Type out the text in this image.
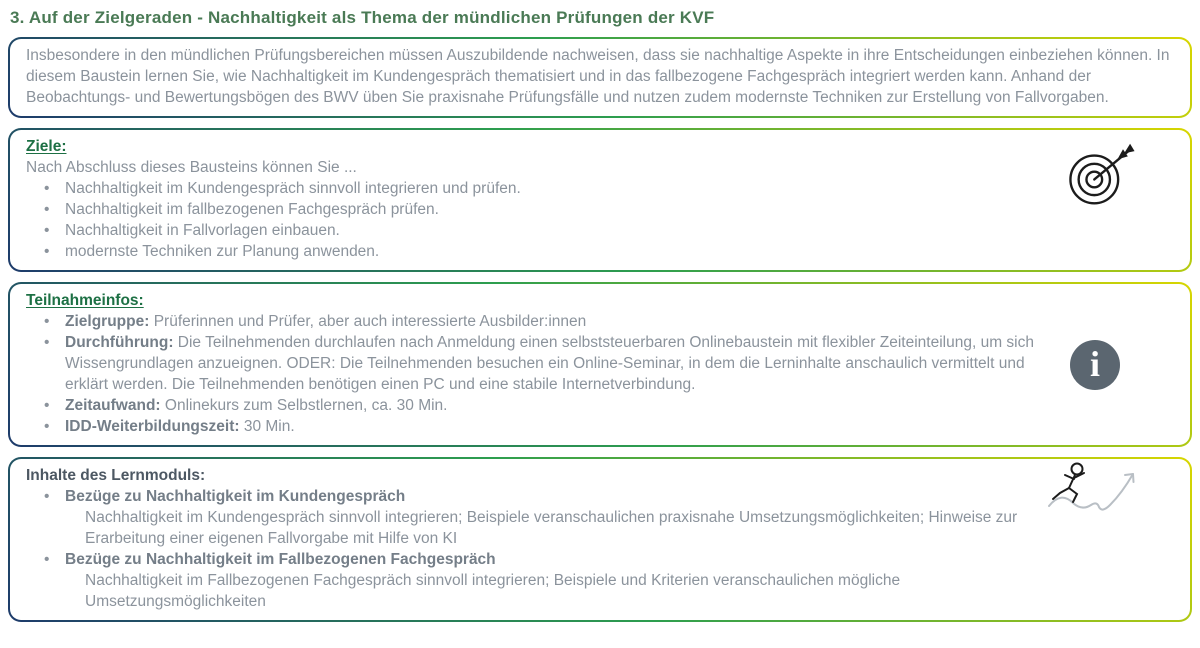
3. Auf der Zielgeraden - Nachhaltigkeit als Thema der mündlichen Prüfungen der KVF

Insbesondere in den mündlichen Prüfungsbereichen müssen Auszubildende nachweisen, dass sie nachhaltige Aspekte in ihre Entscheidungen einbeziehen können. In diesem Baustein lernen Sie, wie Nachhaltigkeit im Kundengespräch thematisiert und in das fallbezogene Fachgespräch integriert werden kann. Anhand der Beobachtungs- und Bewertungsbögen des BWV üben Sie praxisnahe Prüfungsfälle und nutzen zudem modernste Techniken zur Erstellung von Fallvorgaben.

Ziele:
Nach Abschluss dieses Bausteins können Sie ...
•	Nachhaltigkeit im Kundengespräch sinnvoll integrieren und prüfen.
•	Nachhaltigkeit im fallbezogenen Fachgespräch prüfen.
•	Nachhaltigkeit in Fallvorlagen einbauen.
•	modernste Techniken zur Planung anwenden.
Teilnahmeinfos:
•	Zielgruppe: Prüferinnen und Prüfer, aber auch interessierte Ausbilder:innen
•	Durchführung: Die Teilnehmenden durchlaufen nach Anmeldung einen selbststeuerbaren Onlinebaustein mit flexibler Zeiteinteilung, um sich Wissengrundlagen anzueignen. ODER: Die Teilnehmenden besuchen ein Online-Seminar, in dem die Lerninhalte anschaulich vermittelt und erklärt werden. Die Teilnehmenden benötigen einen PC und eine stabile Internetverbindung.
•	Zeitaufwand: Onlinekurs zum Selbstlernen, ca. 30 Min.
•	IDD-Weiterbildungszeit: 30 Min.
i
Inhalte des Lernmoduls:
•	Bezüge zu Nachhaltigkeit im Kundengespräch
Nachhaltigkeit im Kundengespräch sinnvoll integrieren; Beispiele veranschaulichen praxisnahe Umsetzungsmöglichkeiten; Hinweise zur Erarbeitung einer eigenen Fallvorgabe mit Hilfe von KI
•	Bezüge zu Nachhaltigkeit im Fallbezogenen Fachgespräch
Nachhaltigkeit im Fallbezogenen Fachgespräch sinnvoll integrieren; Beispiele und Kriterien veranschaulichen mögliche Umsetzungsmöglichkeiten
